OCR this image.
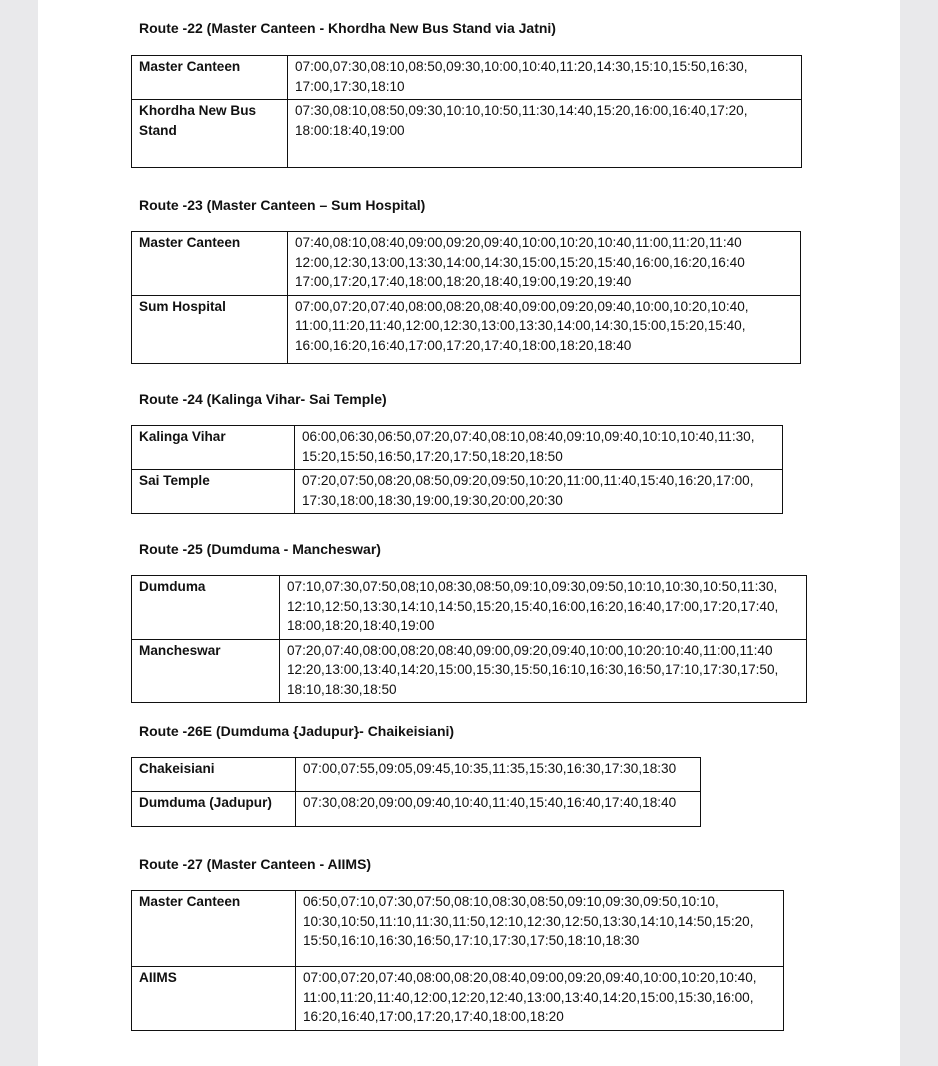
Route -22 (Master Canteen - Khordha New Bus Stand via Jatni)
Master Canteen	07:00,07:30,08:10,08:50,09:30,10:00,10:40,11:20,14:30,15:10,15:50,16:30,
17:00,17:30,18:10

Khordha New Bus Stand	07:30,08:10,08:50,09:30,10:10,10:50,11:30,14:40,15:20,16:00,16:40,17:20,
18:00:18:40,19:00
Route -23 (Master Canteen – Sum Hospital)
Master Canteen	07:40,08:10,08:40,09:00,09:20,09:40,10:00,10:20,10:40,11:00,11:20,11:40
12:00,12:30,13:00,13:30,14:00,14:30,15:00,15:20,15:40,16:00,16:20,16:40
17:00,17:20,17:40,18:00,18:20,18:40,19:00,19:20,19:40

Sum Hospital	07:00,07:20,07:40,08:00,08:20,08:40,09:00,09:20,09:40,10:00,10:20,10:40,
11:00,11:20,11:40,12:00,12:30,13:00,13:30,14:00,14:30,15:00,15:20,15:40,
16:00,16:20,16:40,17:00,17:20,17:40,18:00,18:20,18:40
Route -24 (Kalinga Vihar- Sai Temple)
Kalinga Vihar	06:00,06:30,06:50,07:20,07:40,08:10,08:40,09:10,09:40,10:10,10:40,11:30,
15:20,15:50,16:50,17:20,17:50,18:20,18:50

Sai Temple	07:20,07:50,08:20,08:50,09:20,09:50,10:20,11:00,11:40,15:40,16:20,17:00,
17:30,18:00,18:30,19:00,19:30,20:00,20:30
Route -25 (Dumduma - Mancheswar)
Dumduma	07:10,07:30,07:50,08;10,08:30,08:50,09:10,09:30,09:50,10:10,10:30,10:50,11:30,
12:10,12:50,13:30,14:10,14:50,15:20,15:40,16:00,16:20,16:40,17:00,17:20,17:40,
18:00,18:20,18:40,19:00

Mancheswar	07:20,07:40,08:00,08:20,08:40,09:00,09:20,09:40,10:00,10:20:10:40,11:00,11:40
12:20,13:00,13:40,14:20,15:00,15:30,15:50,16:10,16:30,16:50,17:10,17:30,17:50,
18:10,18:30,18:50
Route -26E (Dumduma {Jadupur}- Chaikeisiani)
Chakeisiani	07:00,07:55,09:05,09:45,10:35,11:35,15:30,16:30,17:30,18:30

Dumduma (Jadupur)	07:30,08:20,09:00,09:40,10:40,11:40,15:40,16:40,17:40,18:40
Route -27 (Master Canteen - AIIMS)
Master Canteen	06:50,07:10,07:30,07:50,08:10,08:30,08:50,09:10,09:30,09:50,10:10,
10:30,10:50,11:10,11:30,11:50,12:10,12:30,12:50,13:30,14:10,14:50,15:20,
15:50,16:10,16:30,16:50,17:10,17:30,17:50,18:10,18:30

AIIMS	07:00,07:20,07:40,08:00,08:20,08:40,09:00,09:20,09:40,10:00,10:20,10:40,
11:00,11:20,11:40,12:00,12:20,12:40,13:00,13:40,14:20,15:00,15:30,16:00,
16:20,16:40,17:00,17:20,17:40,18:00,18:20
